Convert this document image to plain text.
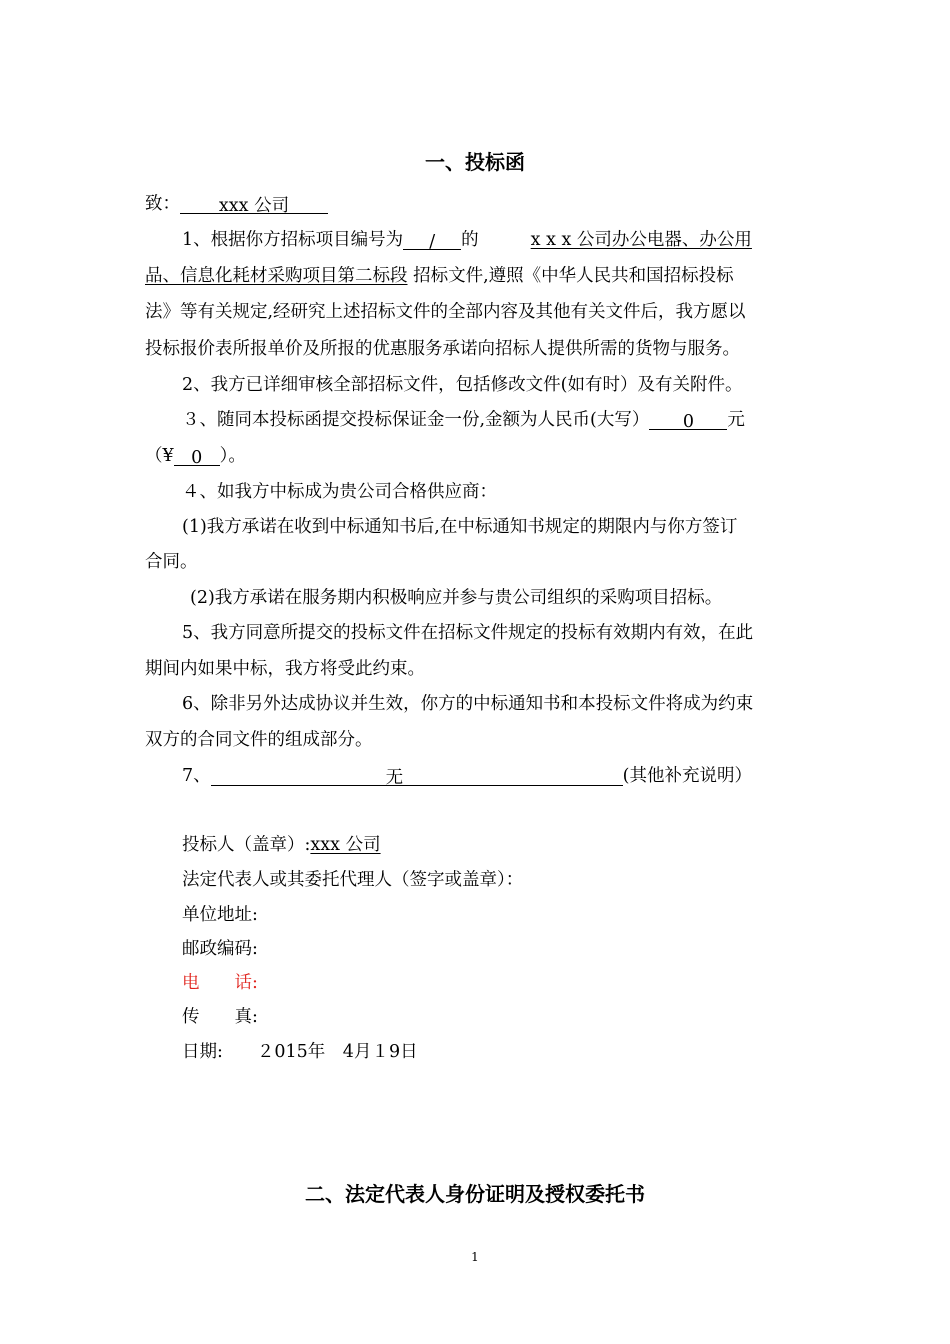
一、投标函
致： xxx 公司
1、根据你方招标项目编号为 / 的	x x x 公司办公电器、办公用
品、信息化耗材采购项目第二标段 招标文件,遵照《中华人民共和国招标投标
法》等有关规定,经研究上述招标文件的全部内容及其他有关文件后，我方愿以
投标报价表所报单价及所报的优惠服务承诺向招标人提供所需的货物与服务。
2、我方已详细审核全部招标文件，包括修改文件(如有时）及有关附件。
３、随同本投标函提交投标保证金一份,金额为人民币(大写） 0 元
（¥ 0 ）。
４、如我方中标成为贵公司合格供应商：
(1)我方承诺在收到中标通知书后,在中标通知书规定的期限内与你方签订
合同。
(2)我方承诺在服务期内积极响应并参与贵公司组织的采购项目招标。
5、我方同意所提交的投标文件在招标文件规定的投标有效期内有效，在此
期间内如果中标，我方将受此约束。
6、除非另外达成协议并生效，你方的中标通知书和本投标文件将成为约束
双方的合同文件的组成部分。
7、	无	(其他补充说明）
投标人（盖章）:xxx 公司
法定代表人或其委托代理人（签字或盖章）：
单位地址:
邮政编码:
电　　话:
传　　真:
日期: ２015年　4月１9日
二、法定代表人身份证明及授权委托书
1
